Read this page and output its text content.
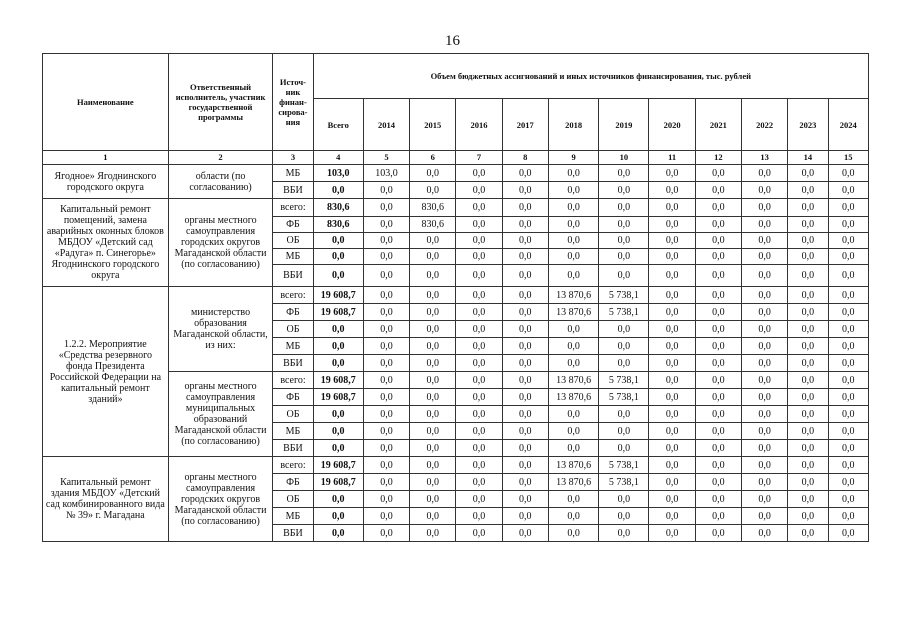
16
Наименование	Ответственный исполнитель, участник государственной программы	Источ-ник финан-сирова-ния	Объем бюджетных ассигнований и иных источников финансирования, тыс. рублей											
			Всего	2014	2015	2016	2017	2018	2019	2020	2021	2022	2023	2024
1	2	3	4	5	6	7	8	9	10	11	12	13	14	15
Ягодное» Ягоднинского городского округа	области (по согласованию)	МБ	103,0	103,0	0,0	0,0	0,0	0,0	0,0	0,0	0,0	0,0	0,0	0,0
		ВБИ	0,0	0,0	0,0	0,0	0,0	0,0	0,0	0,0	0,0	0,0	0,0	0,0
Капитальный ремонт помещений, замена аварийных оконных блоков МБДОУ «Детский сад «Радуга» п. Синегорье» Ягоднинского городского округа	органы местного самоуправления городских округов Магаданской области (по согласованию)	всего:	830,6	0,0	830,6	0,0	0,0	0,0	0,0	0,0	0,0	0,0	0,0	0,0
		ФБ	830,6	0,0	830,6	0,0	0,0	0,0	0,0	0,0	0,0	0,0	0,0	0,0
		ОБ	0,0	0,0	0,0	0,0	0,0	0,0	0,0	0,0	0,0	0,0	0,0	0,0
		МБ	0,0	0,0	0,0	0,0	0,0	0,0	0,0	0,0	0,0	0,0	0,0	0,0
		ВБИ	0,0	0,0	0,0	0,0	0,0	0,0	0,0	0,0	0,0	0,0	0,0	0,0
1.2.2. Мероприятие «Средства резервного фонда Президента Российской Федерации на капитальный ремонт зданий»	министерство образования Магаданской области, из них:	всего:	19 608,7	0,0	0,0	0,0	0,0	13 870,6	5 738,1	0,0	0,0	0,0	0,0	0,0
		ФБ	19 608,7	0,0	0,0	0,0	0,0	13 870,6	5 738,1	0,0	0,0	0,0	0,0	0,0
		ОБ	0,0	0,0	0,0	0,0	0,0	0,0	0,0	0,0	0,0	0,0	0,0	0,0
		МБ	0,0	0,0	0,0	0,0	0,0	0,0	0,0	0,0	0,0	0,0	0,0	0,0
		ВБИ	0,0	0,0	0,0	0,0	0,0	0,0	0,0	0,0	0,0	0,0	0,0	0,0
	органы местного самоуправления муниципальных образований Магаданской области (по согласованию)	всего:	19 608,7	0,0	0,0	0,0	0,0	13 870,6	5 738,1	0,0	0,0	0,0	0,0	0,0
		ФБ	19 608,7	0,0	0,0	0,0	0,0	13 870,6	5 738,1	0,0	0,0	0,0	0,0	0,0
		ОБ	0,0	0,0	0,0	0,0	0,0	0,0	0,0	0,0	0,0	0,0	0,0	0,0
		МБ	0,0	0,0	0,0	0,0	0,0	0,0	0,0	0,0	0,0	0,0	0,0	0,0
		ВБИ	0,0	0,0	0,0	0,0	0,0	0,0	0,0	0,0	0,0	0,0	0,0	0,0
Капитальный ремонт здания МБДОУ «Детский сад комбинированного вида № 39» г. Магадана	органы местного самоуправления городских округов Магаданской области (по согласованию)	всего:	19 608,7	0,0	0,0	0,0	0,0	13 870,6	5 738,1	0,0	0,0	0,0	0,0	0,0
		ФБ	19 608,7	0,0	0,0	0,0	0,0	13 870,6	5 738,1	0,0	0,0	0,0	0,0	0,0
		ОБ	0,0	0,0	0,0	0,0	0,0	0,0	0,0	0,0	0,0	0,0	0,0	0,0
		МБ	0,0	0,0	0,0	0,0	0,0	0,0	0,0	0,0	0,0	0,0	0,0	0,0
		ВБИ	0,0	0,0	0,0	0,0	0,0	0,0	0,0	0,0	0,0	0,0	0,0	0,0
